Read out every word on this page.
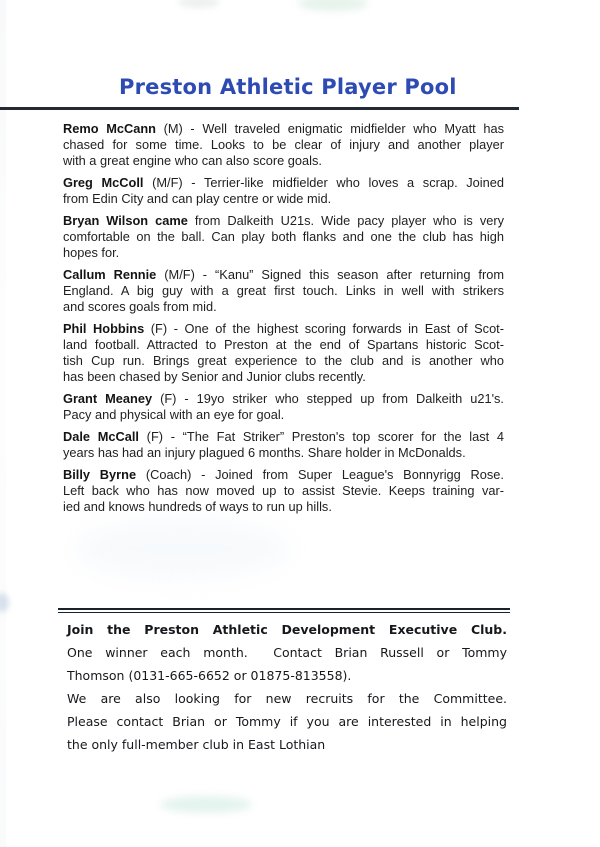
Preston Athletic Player Pool
Remo McCann (M) - Well traveled enigmatic midfielder who Myatt has
chased for some time. Looks to be clear of injury and another player
with a great engine who can also score goals.
Greg McColl (M/F) - Terrier-like midfielder who loves a scrap. Joined
from Edin City and can play centre or wide mid.
Bryan Wilson came from Dalkeith U21s. Wide pacy player who is very
comfortable on the ball. Can play both flanks and one the club has high
hopes for.
Callum Rennie (M/F) - “Kanu” Signed this season after returning from
England. A big guy with a great first touch. Links in well with strikers
and scores goals from mid.
Phil Hobbins (F) - One of the highest scoring forwards in East of Scot-
land football. Attracted to Preston at the end of Spartans historic Scot-
tish Cup run. Brings great experience to the club and is another who
has been chased by Senior and Junior clubs recently.
Grant Meaney (F) - 19yo striker who stepped up from Dalkeith u21's.
Pacy and physical with an eye for goal.
Dale McCall (F) - “The Fat Striker” Preston's top scorer for the last 4
years has had an injury plagued 6 months. Share holder in McDonalds.
Billy Byrne (Coach) - Joined from Super League's Bonnyrigg Rose.
Left back who has now moved up to assist Stevie. Keeps training var-
ied and knows hundreds of ways to run up hills.
Join the Preston Athletic Development Executive Club.
One winner each month.  Contact Brian Russell or Tommy
Thomson (0131-665-6652 or 01875-813558).
We are also looking for new recruits for the Committee.
Please contact Brian or Tommy if you are interested in helping
the only full-member club in East Lothian
